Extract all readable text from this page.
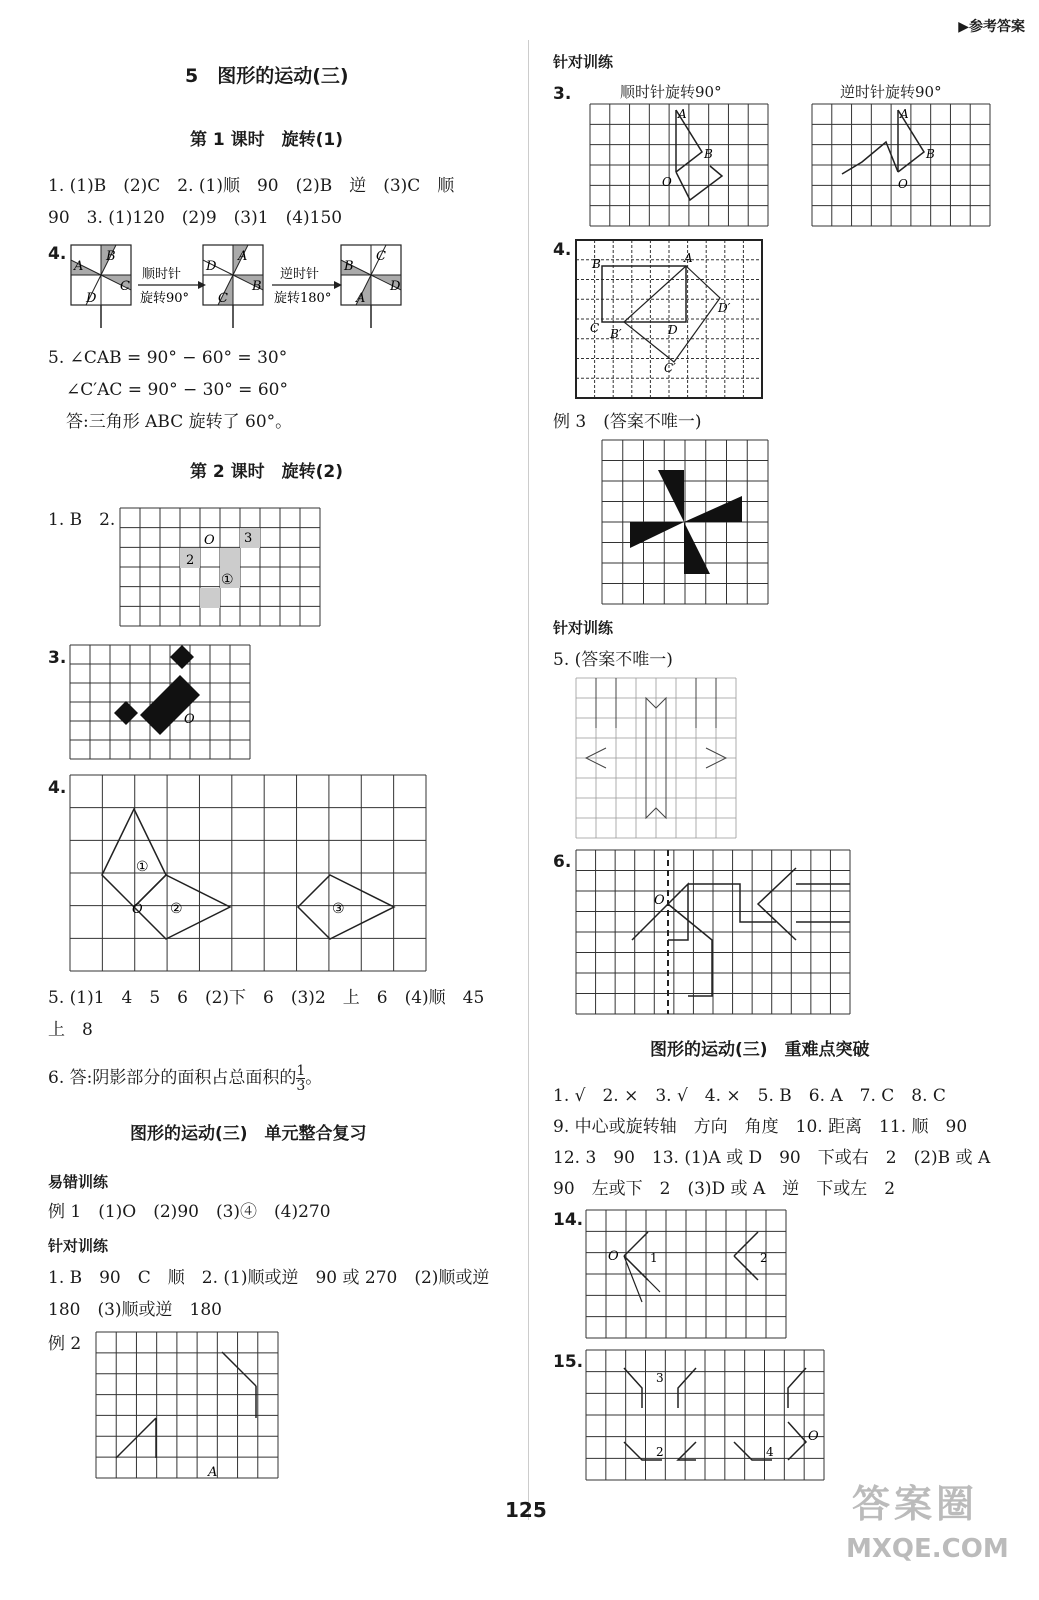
▶参考答案
5　图形的运动(三)
第 1 课时　旋转(1)
1. (1)B　(2)C　2. (1)顺　90　(2)B　逆　(3)C　顺
90　3. (1)120　(2)9　(3)1　(4)150
4.	B
C
D
A
A
B
C
D
C
D
A
B
顺时针
旋转90°
逆时针
旋转180°
5. ∠CAB = 90° − 60° = 30°
∠C′AC = 90° − 30° = 60°
答:三角形 ABC 旋转了 60°。
第 2 课时　旋转(2)
1. B　2.
O
2
3
①
3.
O
4.
O
①
②	③
5. (1)1　4　5　6　(2)下　6　(3)2　上　6　(4)顺　45
上　8
6. 答:阴影部分的面积占总面积的 $\frac{1}{3}$ 。
图形的运动(三)　单元整合复习
易错训练
例 1　(1)O　(2)90　(3)④　(4)270
针对训练
1. B　90　C　顺　2. (1)顺或逆　90 或 270　(2)顺或逆
180　(3)顺或逆　180
例 2
A
针对训练
3.	顺时针旋转90°	逆时针旋转90°
A
B
O
A
B
O
4.
B	A
C	D
D′
B′
C′
例 3　(答案不唯一)
针对训练
5. (答案不唯一)
6.
O
图形的运动(三)　重难点突破
1. √　2. ×　3. √　4. ×　5. B　6. A　7. C　8. C
9. 中心或旋转轴　方向　角度　10. 距离　11. 顺　90
12. 3　90　13. (1)A 或 D　90　下或右　2　(2)B 或 A
90　左或下　2　(3)D 或 A　逆　下或左　2
14.
O	1	2
15.
3
2	4
O
125	答案圈
MXQE.COM
